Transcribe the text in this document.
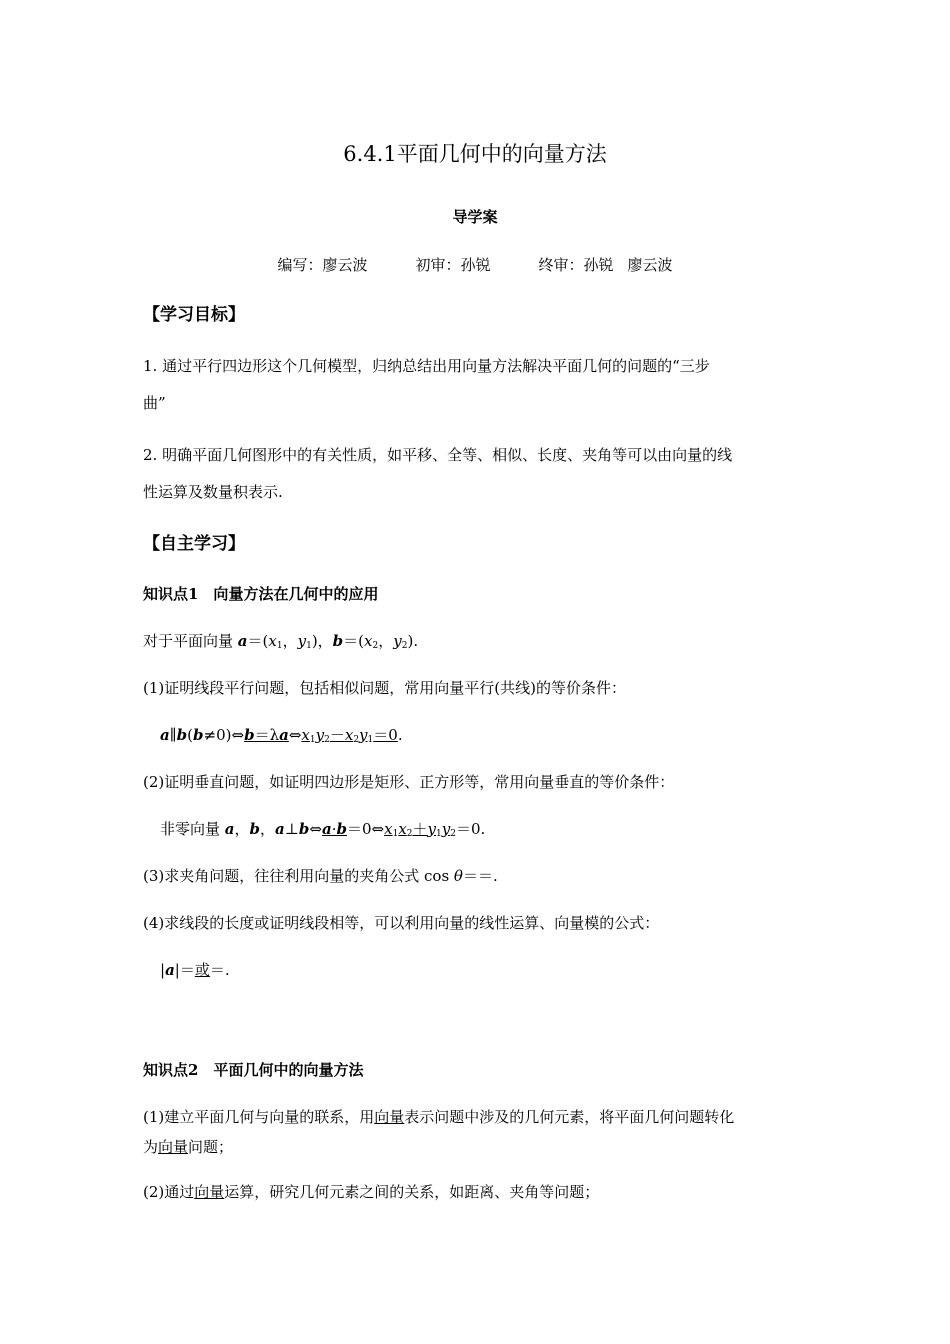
6.4.1平面几何中的向量方法
导学案
编写：廖云波	初审：孙锐	终审：孙锐 廖云波
【学习目标】
1. 通过平行四边形这个几何模型，归纳总结出用向量方法解决平面几何的问题的“三步
曲”
2. 明确平面几何图形中的有关性质，如平移、全等、相似、长度、夹角等可以由向量的线
性运算及数量积表示.
【自主学习】
知识点1　向量方法在几何中的应用
对于平面向量 $a=(x_1$，$y_1$)，$b=(x_2$，$y_2$).
(1)证明线段平行问题，包括相似问题，常用向量平行(共线)的等价条件：
$a\parallel b(b\ne 0)\Leftrightarrow b=\lambda a\Leftrightarrow x_1y_2-x_2y_1=0$.
(2)证明垂直问题，如证明四边形是矩形、正方形等，常用向量垂直的等价条件：
非零向量 a，b，$a\perp b\Leftrightarrow a\cdot b=0\Leftrightarrow x_1x_2+y_1y_2=0$.
(3)求夹角问题，往往利用向量的夹角公式 cos θ＝＝.
(4)求线段的长度或证明线段相等，可以利用向量的线性运算、向量模的公式：
|a|＝或＝.
知识点2　平面几何中的向量方法
(1)建立平面几何与向量的联系，用向量表示问题中涉及的几何元素，将平面几何问题转化
为向量问题；
(2)通过向量运算，研究几何元素之间的关系，如距离、夹角等问题；
